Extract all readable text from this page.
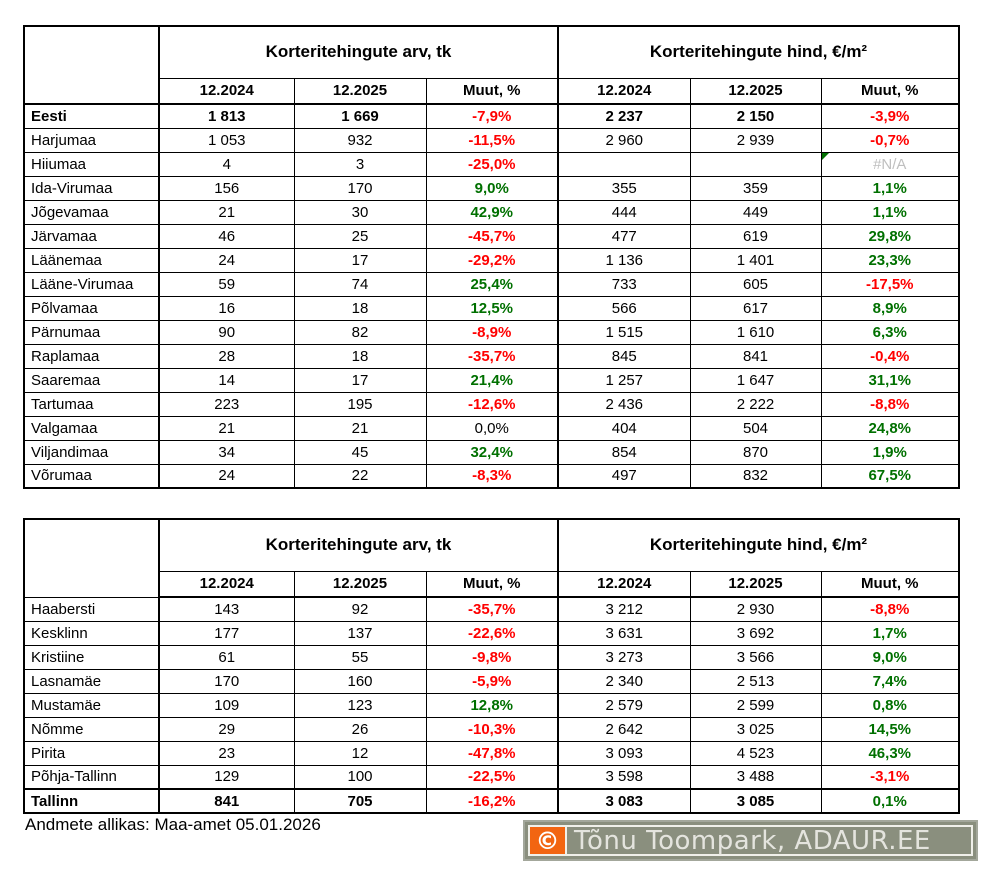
	Korteritehingute arv, tk			Korteritehingute hind, €/m²		
	12.2024	12.2025	Muut, %	12.2024	12.2025	Muut, %
Eesti	1 813	1 669	-7,9%	2 237	2 150	-3,9%
Harjumaa	1 053	932	-11,5%	2 960	2 939	-0,7%
Hiiumaa	4	3	-25,0%			#N/A
Ida-Virumaa	156	170	9,0%	355	359	1,1%
Jõgevamaa	21	30	42,9%	444	449	1,1%
Järvamaa	46	25	-45,7%	477	619	29,8%
Läänemaa	24	17	-29,2%	1 136	1 401	23,3%
Lääne-Virumaa	59	74	25,4%	733	605	-17,5%
Põlvamaa	16	18	12,5%	566	617	8,9%
Pärnumaa	90	82	-8,9%	1 515	1 610	6,3%
Raplamaa	28	18	-35,7%	845	841	-0,4%
Saaremaa	14	17	21,4%	1 257	1 647	31,1%
Tartumaa	223	195	-12,6%	2 436	2 222	-8,8%
Valgamaa	21	21	0,0%	404	504	24,8%
Viljandimaa	34	45	32,4%	854	870	1,9%
Võrumaa	24	22	-8,3%	497	832	67,5%
	Korteritehingute arv, tk			Korteritehingute hind, €/m²		
	12.2024	12.2025	Muut, %	12.2024	12.2025	Muut, %
Haabersti	143	92	-35,7%	3 212	2 930	-8,8%
Kesklinn	177	137	-22,6%	3 631	3 692	1,7%
Kristiine	61	55	-9,8%	3 273	3 566	9,0%
Lasnamäe	170	160	-5,9%	2 340	2 513	7,4%
Mustamäe	109	123	12,8%	2 579	2 599	0,8%
Nõmme	29	26	-10,3%	2 642	3 025	14,5%
Pirita	23	12	-47,8%	3 093	4 523	46,3%
Põhja-Tallinn	129	100	-22,5%	3 598	3 488	-3,1%
Tallinn	841	705	-16,2%	3 083	3 085	0,1%
Andmete allikas: Maa-amet 05.01.2026
© Tõnu Toompark, ADAUR.EE
